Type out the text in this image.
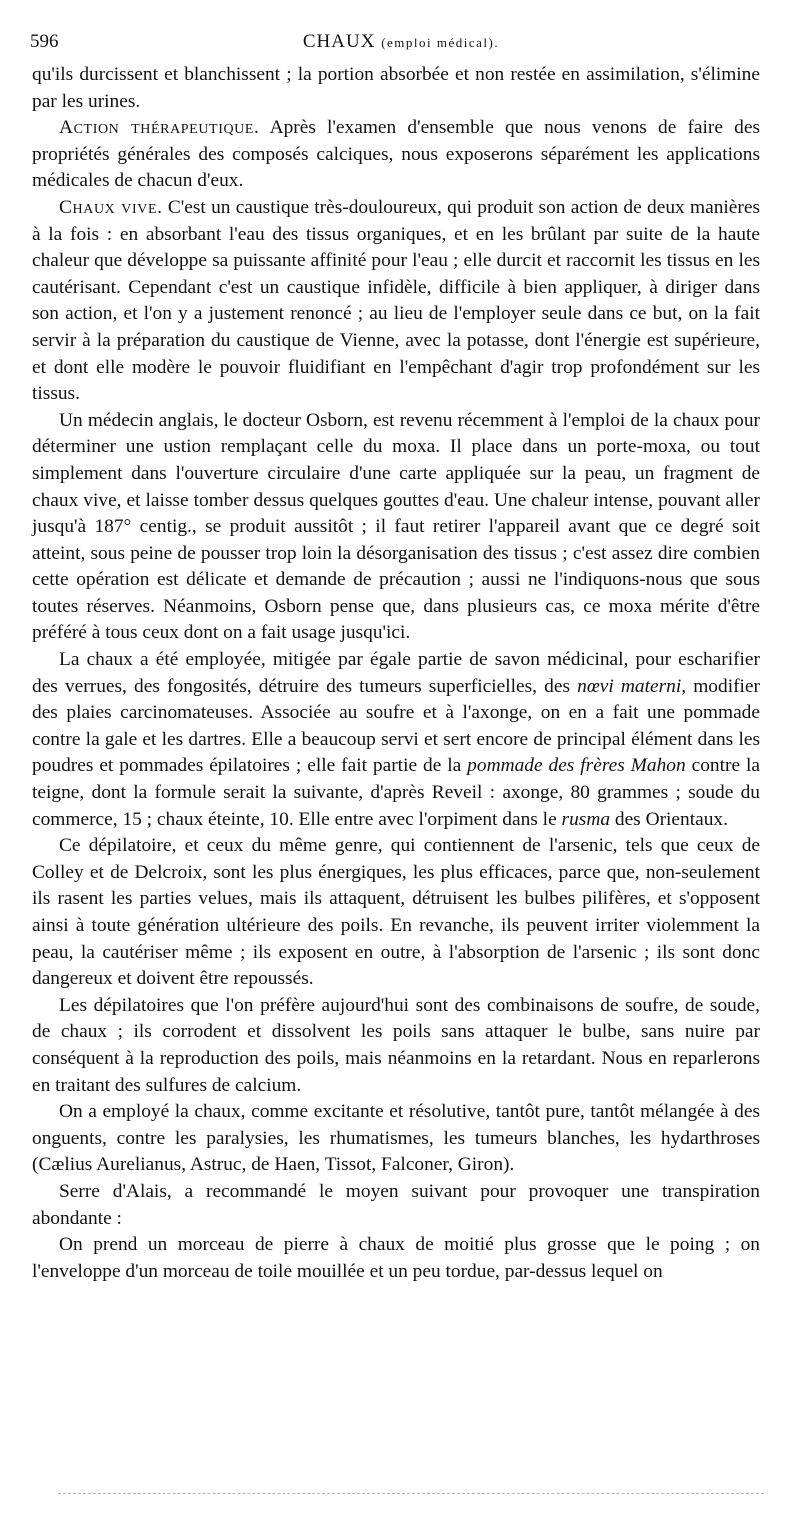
596	CHAUX (emploi médical).

qu'ils durcissent et blanchissent ; la portion absorbée et non restée en assimilation, s'élimine par les urines.

Action thérapeutique. Après l'examen d'ensemble que nous venons de faire des propriétés générales des composés calciques, nous exposerons séparément les applications médicales de chacun d'eux.

Chaux vive. C'est un caustique très-douloureux, qui produit son action de deux manières à la fois : en absorbant l'eau des tissus organiques, et en les brûlant par suite de la haute chaleur que développe sa puissante affinité pour l'eau ; elle durcit et raccornit les tissus en les cautérisant. Cependant c'est un caustique infidèle, difficile à bien appliquer, à diriger dans son action, et l'on y a justement renoncé ; au lieu de l'employer seule dans ce but, on la fait servir à la préparation du caustique de Vienne, avec la potasse, dont l'énergie est supérieure, et dont elle modère le pouvoir fluidifiant en l'empêchant d'agir trop profondément sur les tissus.

Un médecin anglais, le docteur Osborn, est revenu récemment à l'emploi de la chaux pour déterminer une ustion remplaçant celle du moxa. Il place dans un porte-moxa, ou tout simplement dans l'ouverture circulaire d'une carte appliquée sur la peau, un fragment de chaux vive, et laisse tomber dessus quelques gouttes d'eau. Une chaleur intense, pouvant aller jusqu'à 187° centig., se produit aussitôt ; il faut retirer l'appareil avant que ce degré soit atteint, sous peine de pousser trop loin la désorganisation des tissus ; c'est assez dire combien cette opération est délicate et demande de précaution ; aussi ne l'indiquons-nous que sous toutes réserves. Néanmoins, Osborn pense que, dans plusieurs cas, ce moxa mérite d'être préféré à tous ceux dont on a fait usage jusqu'ici.

La chaux a été employée, mitigée par égale partie de savon médicinal, pour escharifier des verrues, des fongosités, détruire des tumeurs superficielles, des nœvi materni, modifier des plaies carcinomateuses. Associée au soufre et à l'axonge, on en a fait une pommade contre la gale et les dartres. Elle a beaucoup servi et sert encore de principal élément dans les poudres et pommades épilatoires ; elle fait partie de la pommade des frères Mahon contre la teigne, dont la formule serait la suivante, d'après Reveil : axonge, 80 grammes ; soude du commerce, 15 ; chaux éteinte, 10. Elle entre avec l'orpiment dans le rusma des Orientaux.

Ce dépilatoire, et ceux du même genre, qui contiennent de l'arsenic, tels que ceux de Colley et de Delcroix, sont les plus énergiques, les plus efficaces, parce que, non-seulement ils rasent les parties velues, mais ils attaquent, détruisent les bulbes pilifères, et s'opposent ainsi à toute génération ultérieure des poils. En revanche, ils peuvent irriter violemment la peau, la cautériser même ; ils exposent en outre, à l'absorption de l'arsenic ; ils sont donc dangereux et doivent être repoussés.

Les dépilatoires que l'on préfère aujourd'hui sont des combinaisons de soufre, de soude, de chaux ; ils corrodent et dissolvent les poils sans attaquer le bulbe, sans nuire par conséquent à la reproduction des poils, mais néanmoins en la retardant. Nous en reparlerons en traitant des sulfures de calcium.

On a employé la chaux, comme excitante et résolutive, tantôt pure, tantôt mélangée à des onguents, contre les paralysies, les rhumatismes, les tumeurs blanches, les hydarthroses (Cælius Aurelianus, Astruc, de Haen, Tissot, Falconer, Giron).

Serre d'Alais, a recommandé le moyen suivant pour provoquer une transpiration abondante :

On prend un morceau de pierre à chaux de moitié plus grosse que le poing ; on l'enveloppe d'un morceau de toile mouillée et un peu tordue, par-dessus lequel on
